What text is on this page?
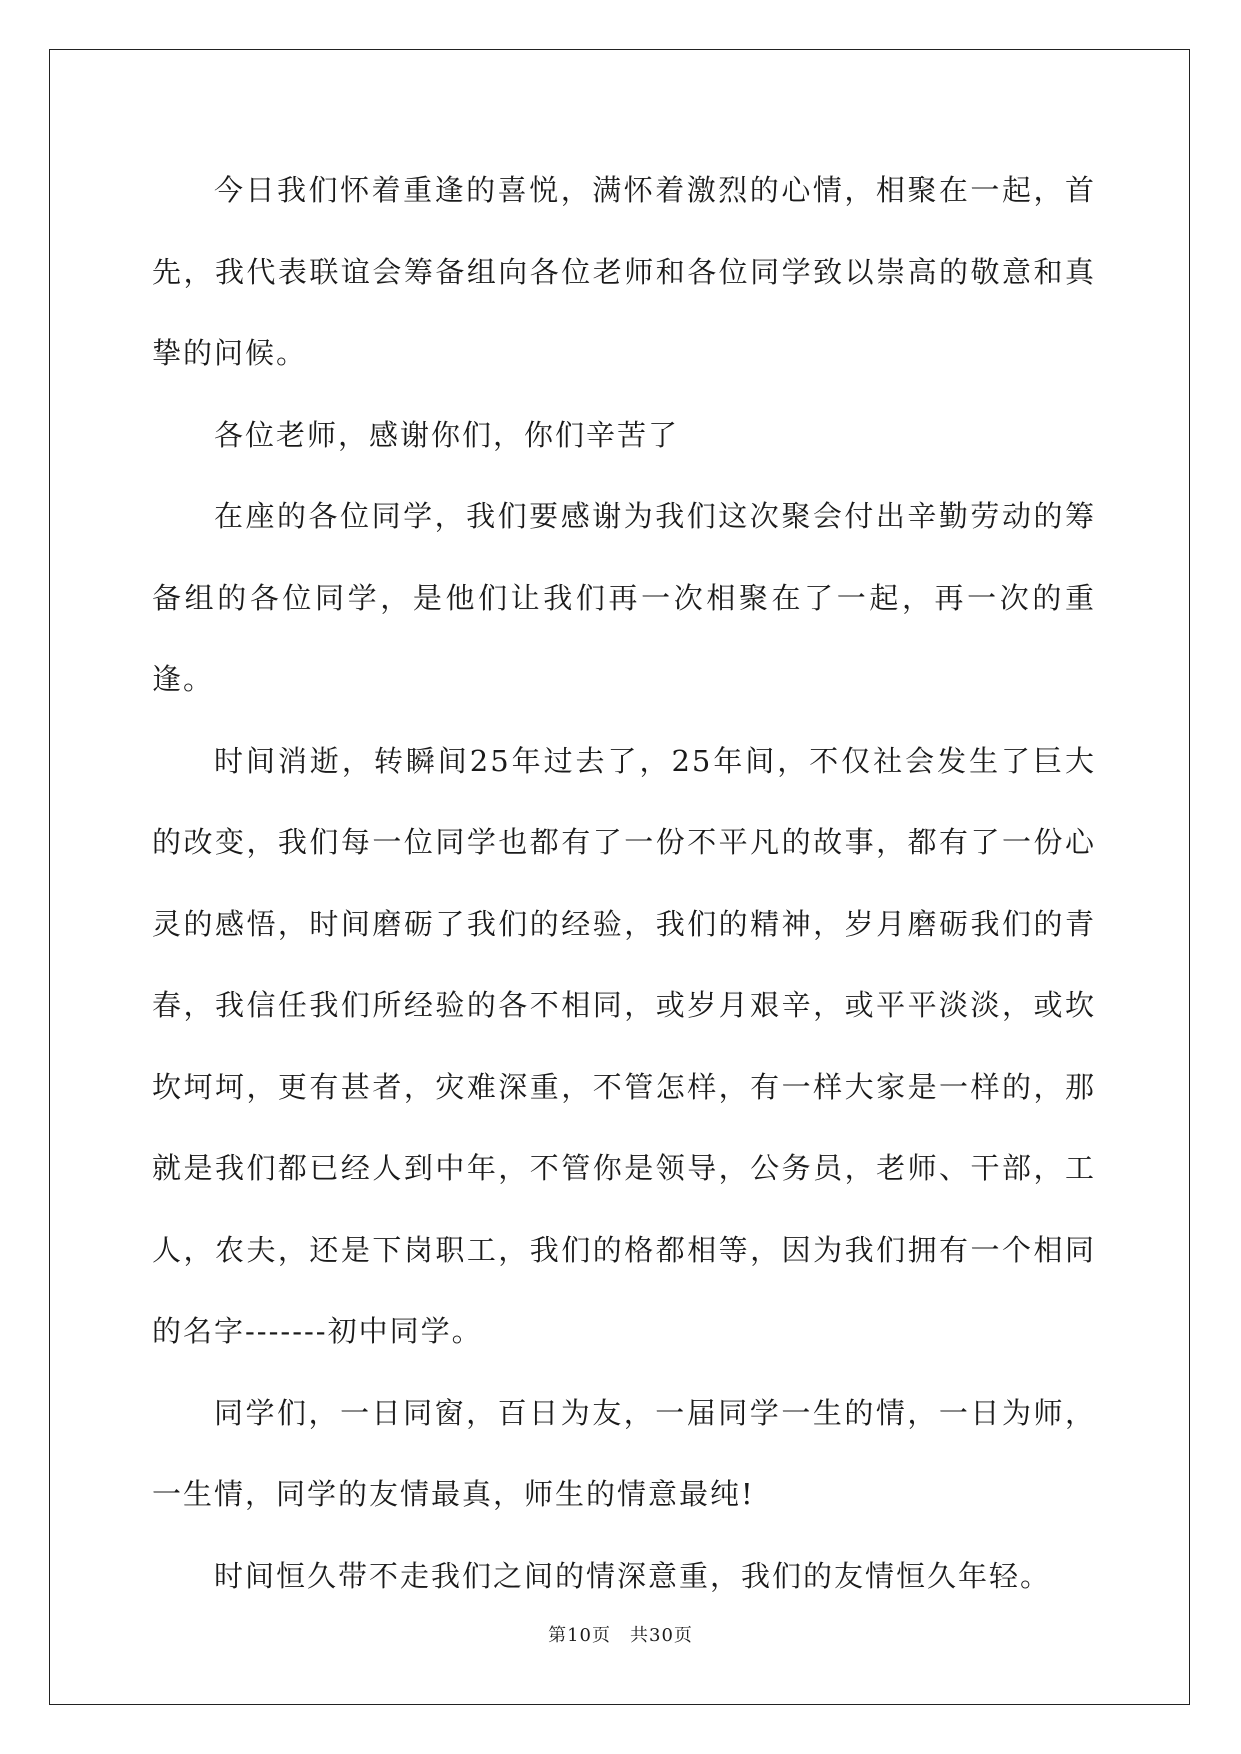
今日我们怀着重逢的喜悦，满怀着激烈的心情，相聚在一起，首先，我代表联谊会筹备组向各位老师和各位同学致以崇高的敬意和真挚的问候。

各位老师，感谢你们，你们辛苦了

在座的各位同学，我们要感谢为我们这次聚会付出辛勤劳动的筹备组的各位同学，是他们让我们再一次相聚在了一起，再一次的重逢。

时间消逝，转瞬间25年过去了，25年间，不仅社会发生了巨大的改变，我们每一位同学也都有了一份不平凡的故事，都有了一份心灵的感悟，时间磨砺了我们的经验，我们的精神，岁月磨砺我们的青春，我信任我们所经验的各不相同，或岁月艰辛，或平平淡淡，或坎坎坷坷，更有甚者，灾难深重，不管怎样，有一样大家是一样的，那就是我们都已经人到中年，不管你是领导，公务员，老师、干部，工人，农夫，还是下岗职工，我们的格都相等，因为我们拥有一个相同的名字-------初中同学。

同学们，一日同窗，百日为友，一届同学一生的情，一日为师，一生情，同学的友情最真，师生的情意最纯!

时间恒久带不走我们之间的情深意重，我们的友情恒久年轻。

第10页　共30页
